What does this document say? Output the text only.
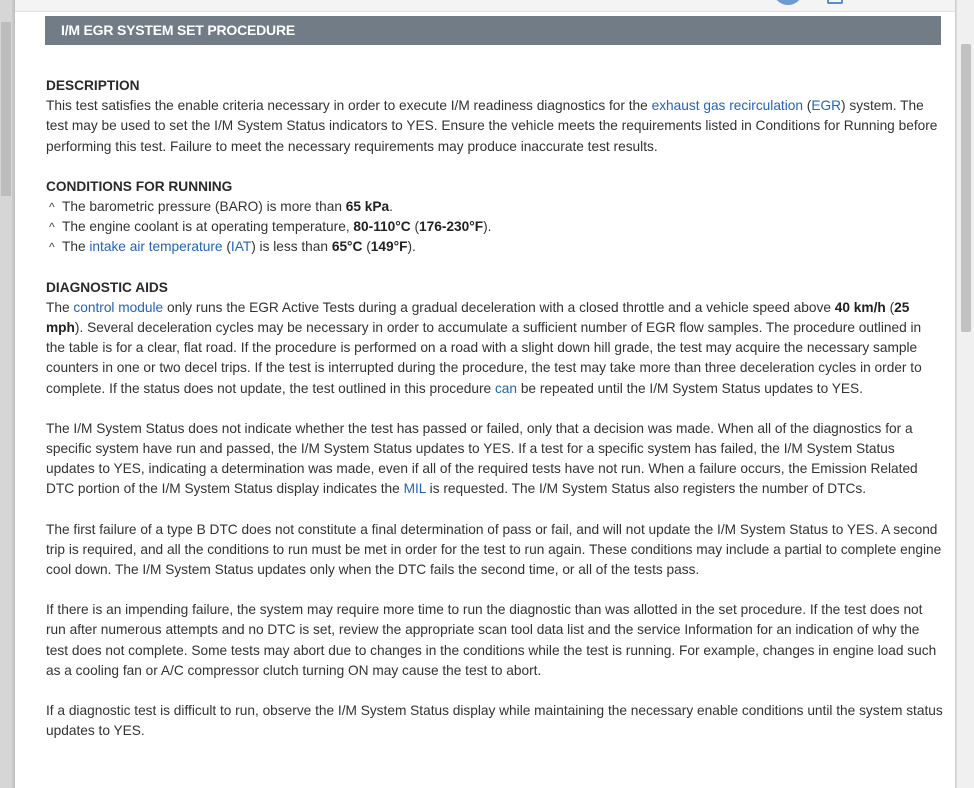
I/M EGR SYSTEM SET PROCEDURE

DESCRIPTION

This test satisfies the enable criteria necessary in order to execute I/M readiness diagnostics for the exhaust gas recirculation (EGR) system. The test may be used to set the I/M System Status indicators to YES. Ensure the vehicle meets the requirements listed in Conditions for Running before performing this test. Failure to meet the necessary requirements may produce inaccurate test results.

CONDITIONS FOR RUNNING

^ The barometric pressure (BARO) is more than 65 kPa.
^ The engine coolant is at operating temperature, 80-110°C (176-230°F).
^ The intake air temperature (IAT) is less than 65°C (149°F).

DIAGNOSTIC AIDS

The control module only runs the EGR Active Tests during a gradual deceleration with a closed throttle and a vehicle speed above 40 km/h (25 mph). Several deceleration cycles may be necessary in order to accumulate a sufficient number of EGR flow samples. The procedure outlined in the table is for a clear, flat road. If the procedure is performed on a road with a slight down hill grade, the test may acquire the necessary sample counters in one or two decel trips. If the test is interrupted during the procedure, the test may take more than three deceleration cycles in order to complete. If the status does not update, the test outlined in this procedure can be repeated until the I/M System Status updates to YES.

The I/M System Status does not indicate whether the test has passed or failed, only that a decision was made. When all of the diagnostics for a specific system have run and passed, the I/M System Status updates to YES. If a test for a specific system has failed, the I/M System Status updates to YES, indicating a determination was made, even if all of the required tests have not run. When a failure occurs, the Emission Related DTC portion of the I/M System Status display indicates the MIL is requested. The I/M System Status also registers the number of DTCs.

The first failure of a type B DTC does not constitute a final determination of pass or fail, and will not update the I/M System Status to YES. A second trip is required, and all the conditions to run must be met in order for the test to run again. These conditions may include a partial to complete engine cool down. The I/M System Status updates only when the DTC fails the second time, or all of the tests pass.

If there is an impending failure, the system may require more time to run the diagnostic than was allotted in the set procedure. If the test does not run after numerous attempts and no DTC is set, review the appropriate scan tool data list and the service Information for an indication of why the test does not complete. Some tests may abort due to changes in the conditions while the test is running. For example, changes in engine load such as a cooling fan or A/C compressor clutch turning ON may cause the test to abort.

If a diagnostic test is difficult to run, observe the I/M System Status display while maintaining the necessary enable conditions until the system status updates to YES.
